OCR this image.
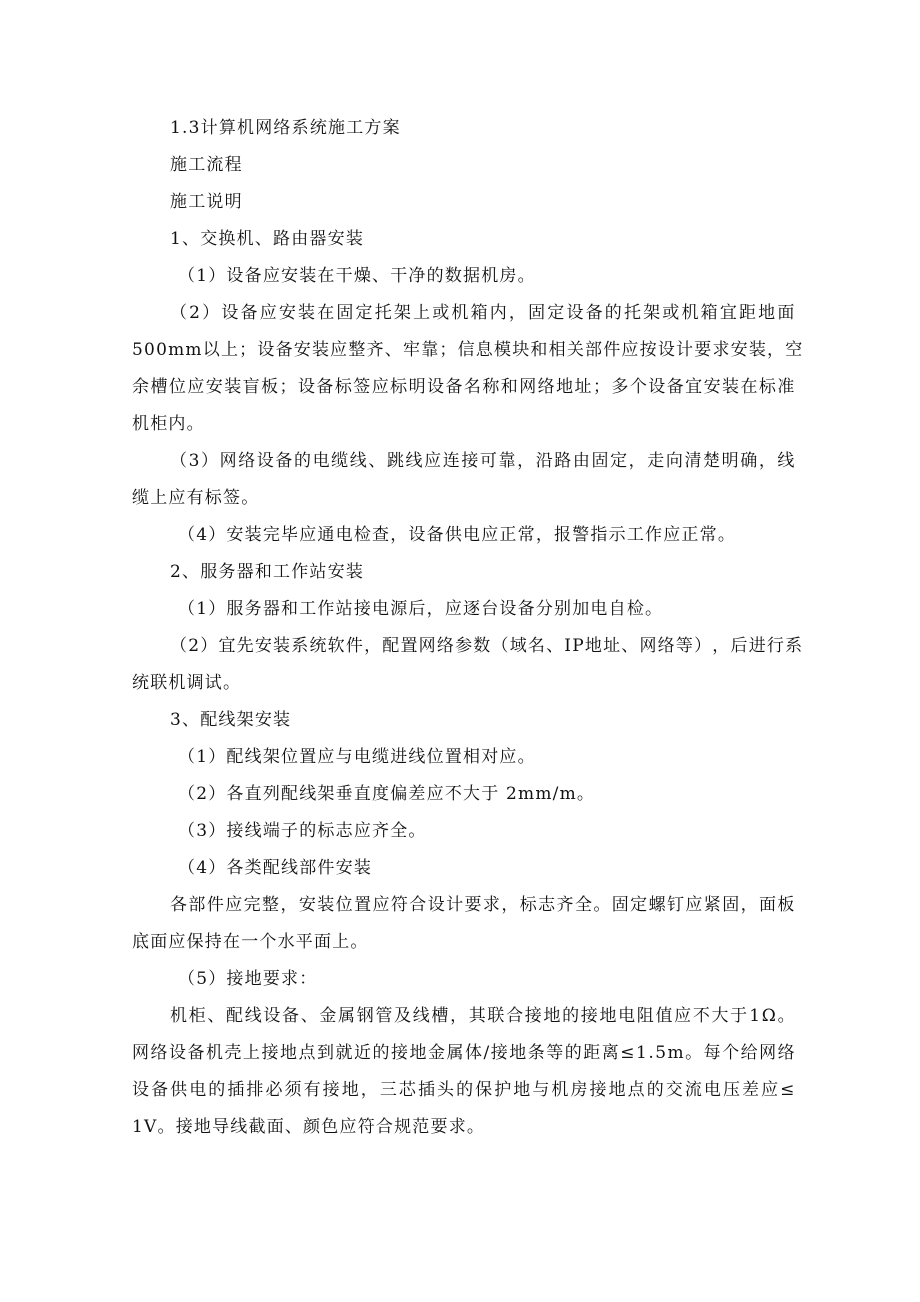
1.3计算机网络系统施工方案
施工流程
施工说明
1、交换机、路由器安装
（1）设备应安装在干燥、干净的数据机房。
（ 2 ） 设 备 应 安 装 在 固 定 托 架 上 或 机 箱 内 ， 固 定 设 备 的 托 架 或 机 箱 宜 距 地 面
5 0 0 m m 以 上 ； 设 备 安 装 应 整 齐 、 牢 靠 ； 信 息 模 块 和 相 关 部 件 应 按 设 计 要 求 安 装 ， 空
余 槽 位 应 安 装 盲 板 ； 设 备 标 签 应 标 明 设 备 名 称 和 网 络 地 址 ； 多 个 设 备 宜 安 装 在 标 准
机柜内。
（ 3 ） 网 络 设 备 的 电 缆 线 、 跳 线 应 连 接 可 靠 ， 沿 路 由 固 定 ， 走 向 清 楚 明 确 ， 线
缆上应有标签。
（4）安装完毕应通电检查，设备供电应正常，报警指示工作应正常。
2、服务器和工作站安装
（1）服务器和工作站接电源后，应逐台设备分别加电自检。
（ 2 ） 宜 先 安 装 系 统 软 件 ， 配 置 网 络 参 数 （ 域 名 、 I P 地 址 、 网 络 等 ） ， 后 进 行 系
统联机调试。
3、配线架安装
（1）配线架位置应与电缆进线位置相对应。
（2）各直列配线架垂直度偏差应不大于 2mm/m。
（3）接线端子的标志应齐全。
（4）各类配线部件安装
各 部 件 应 完 整 ， 安 装 位 置 应 符 合 设 计 要 求 ， 标 志 齐 全 。 固 定 螺 钉 应 紧 固 ， 面 板
底面应保持在一个水平面上。
（5）接地要求：
机 柜 、 配 线 设 备 、 金 属 钢 管 及 线 槽 ， 其 联 合 接 地 的 接 地 电 阻 值 应 不 大 于 1 Ω 。
网 络 设 备 机 壳 上 接 地 点 到 就 近 的 接 地 金 属 体 / 接 地 条 等 的 距 离 ≤ 1 . 5 m 。 每 个 给 网 络
设 备 供 电 的 插 排 必 须 有 接 地 ， 三 芯 插 头 的 保 护 地 与 机 房 接 地 点 的 交 流 电 压 差 应 ≤
1V。接地导线截面、颜色应符合规范要求。
